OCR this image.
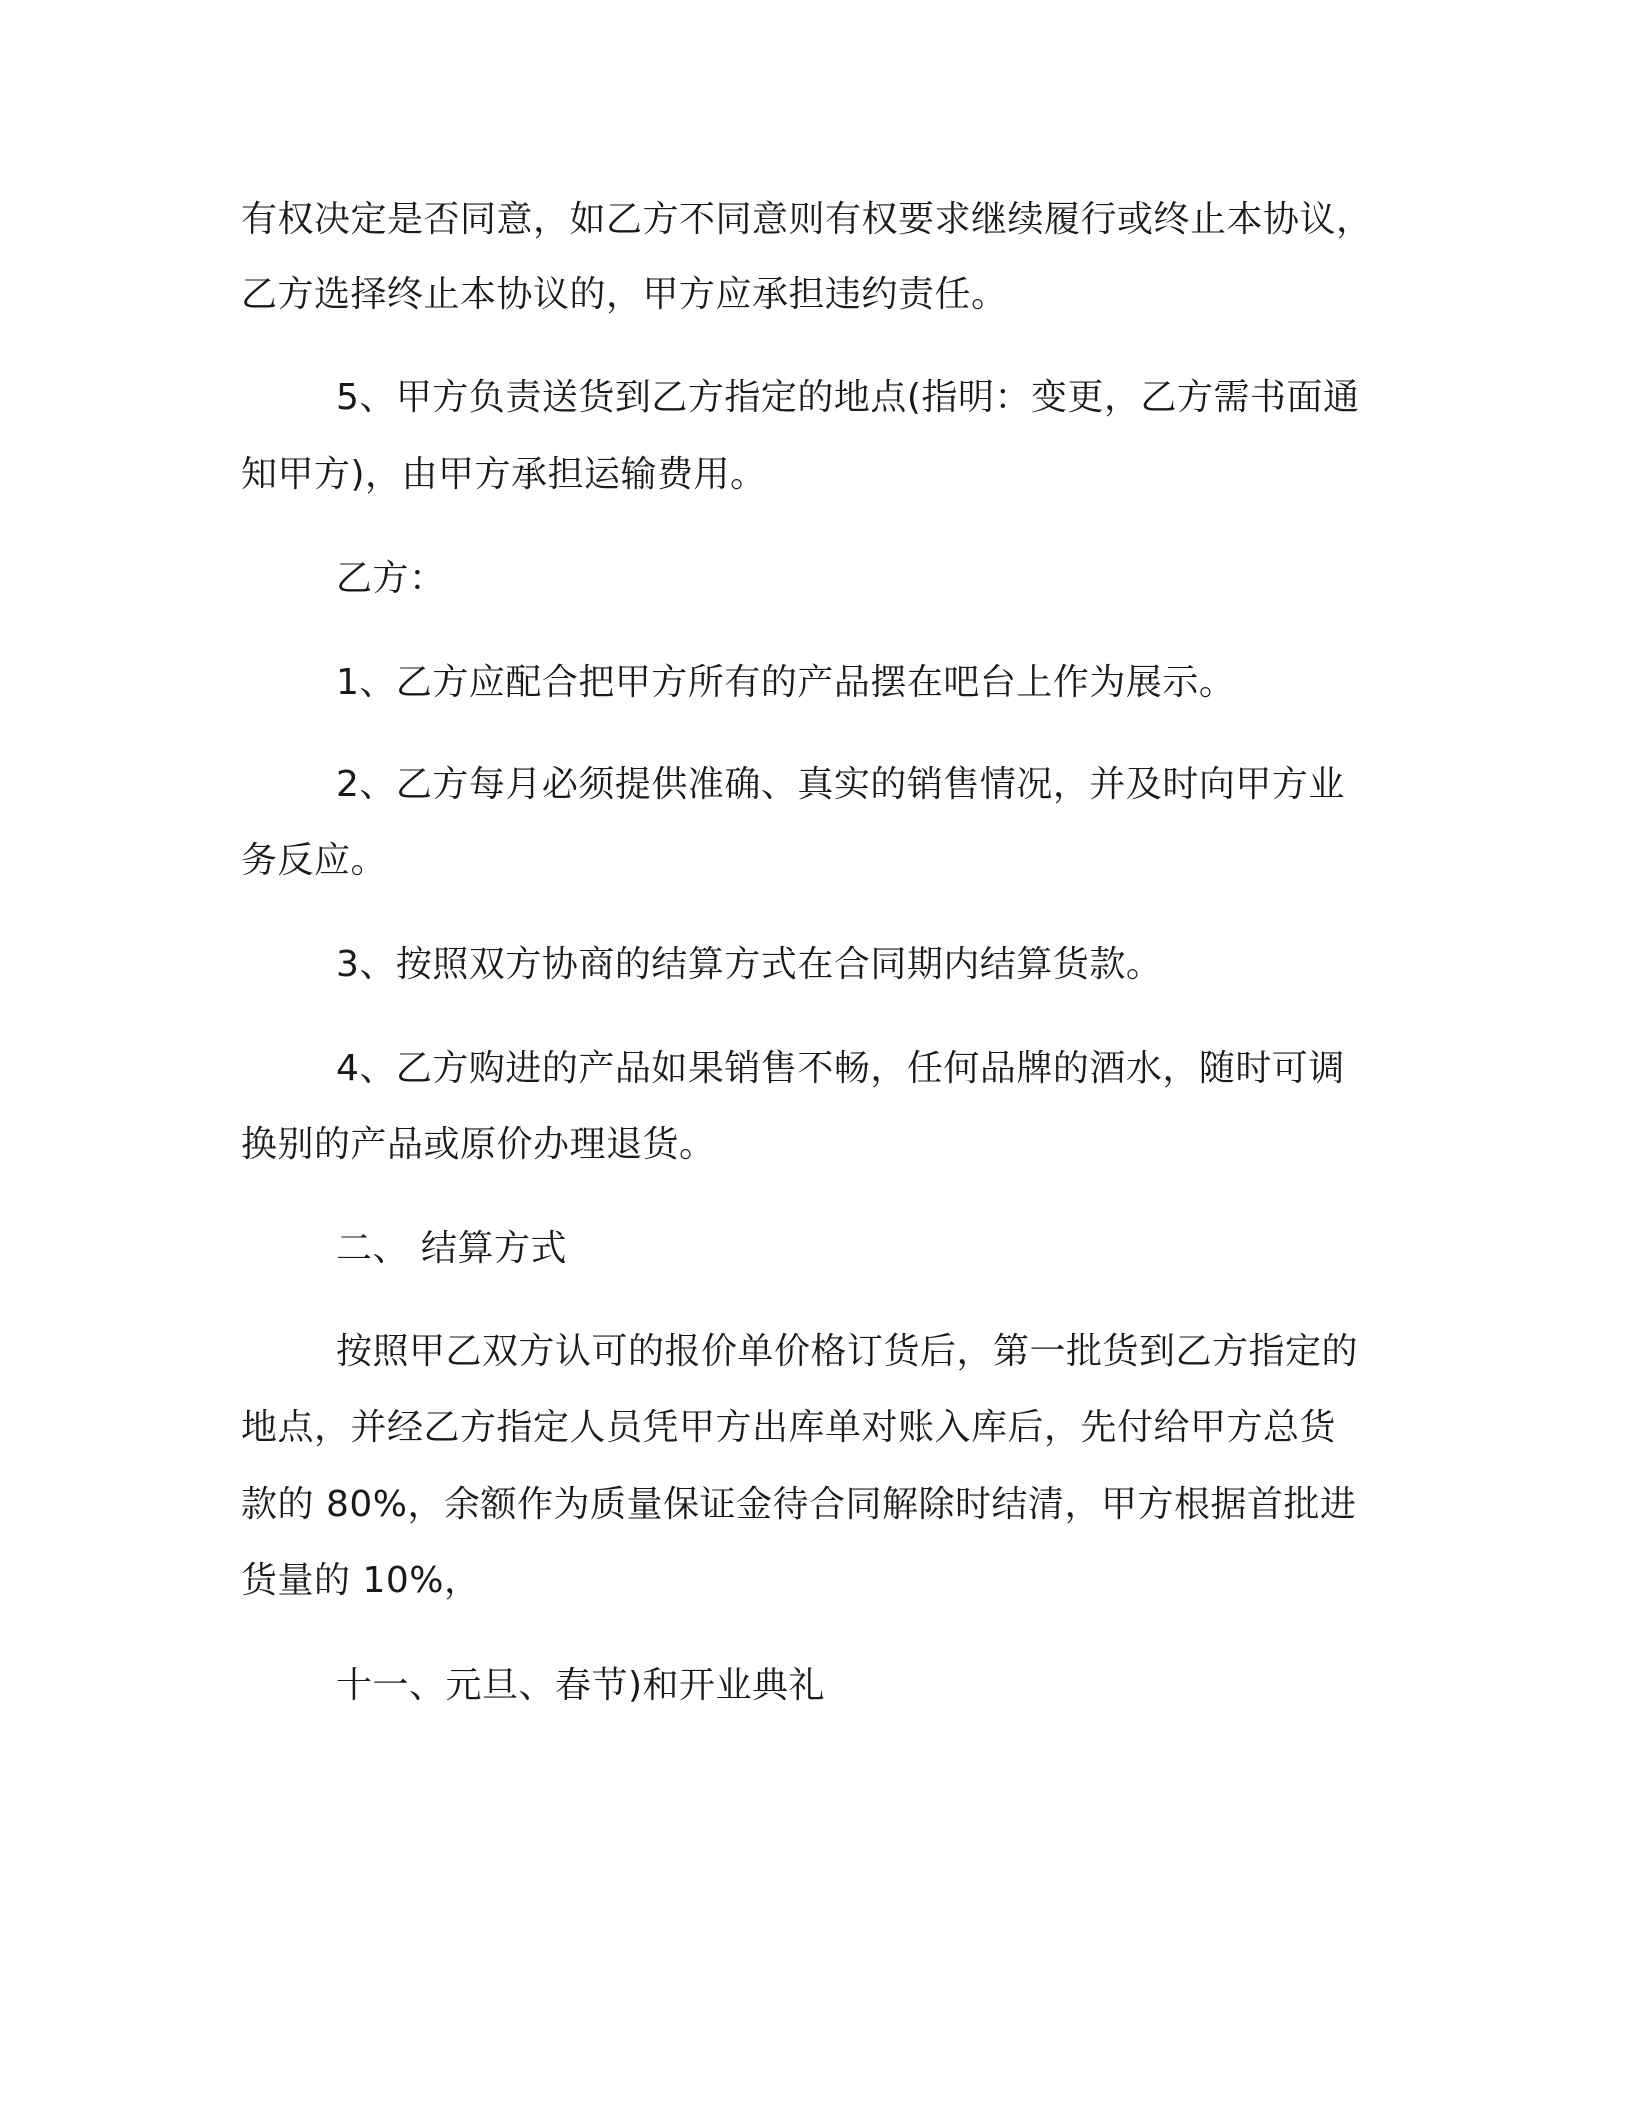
有权决定是否同意，如乙方不同意则有权要求继续履行或终止本协议，
乙方选择终止本协议的，甲方应承担违约责任。
5、甲方负责送货到乙方指定的地点(指明：变更，乙方需书面通
知甲方)，由甲方承担运输费用。
乙方：
1、乙方应配合把甲方所有的产品摆在吧台上作为展示。
2、乙方每月必须提供准确、真实的销售情况，并及时向甲方业
务反应。
3、按照双方协商的结算方式在合同期内结算货款。
4、乙方购进的产品如果销售不畅，任何品牌的酒水，随时可调
换别的产品或原价办理退货。
二、 结算方式
按照甲乙双方认可的报价单价格订货后，第一批货到乙方指定的
地点，并经乙方指定人员凭甲方出库单对账入库后，先付给甲方总货
款的 80%，余额作为质量保证金待合同解除时结清，甲方根据首批进
货量的 10%，
十一、元旦、春节)和开业典礼
